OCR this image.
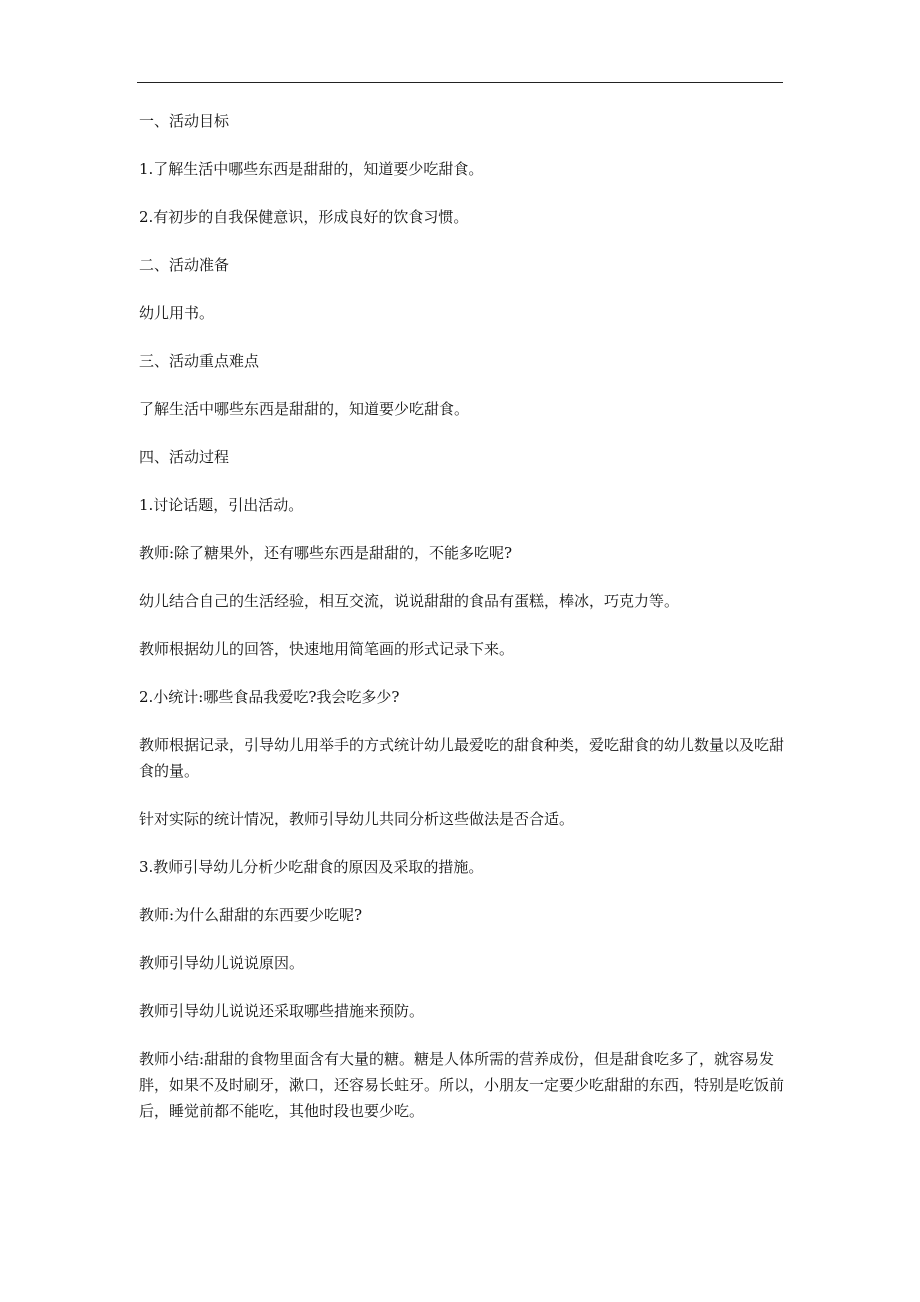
一、活动目标

1.了解生活中哪些东西是甜甜的，知道要少吃甜食。

2.有初步的自我保健意识，形成良好的饮食习惯。

二、活动准备

幼儿用书。

三、活动重点难点

了解生活中哪些东西是甜甜的，知道要少吃甜食。

四、活动过程

1.讨论话题，引出活动。

教师:除了糖果外，还有哪些东西是甜甜的，不能多吃呢?

幼儿结合自己的生活经验，相互交流，说说甜甜的食品有蛋糕，棒冰，巧克力等。

教师根据幼儿的回答，快速地用简笔画的形式记录下来。

2.小统计:哪些食品我爱吃?我会吃多少?

教师根据记录，引导幼儿用举手的方式统计幼儿最爱吃的甜食种类，爱吃甜食的幼儿数量以及吃甜食的量。

针对实际的统计情况，教师引导幼儿共同分析这些做法是否合适。

3.教师引导幼儿分析少吃甜食的原因及采取的措施。

教师:为什么甜甜的东西要少吃呢?

教师引导幼儿说说原因。

教师引导幼儿说说还采取哪些措施来预防。

教师小结:甜甜的食物里面含有大量的糖。糖是人体所需的营养成份，但是甜食吃多了，就容易发胖，如果不及时刷牙，漱口，还容易长蛀牙。所以，小朋友一定要少吃甜甜的东西，特别是吃饭前后，睡觉前都不能吃，其他时段也要少吃。
